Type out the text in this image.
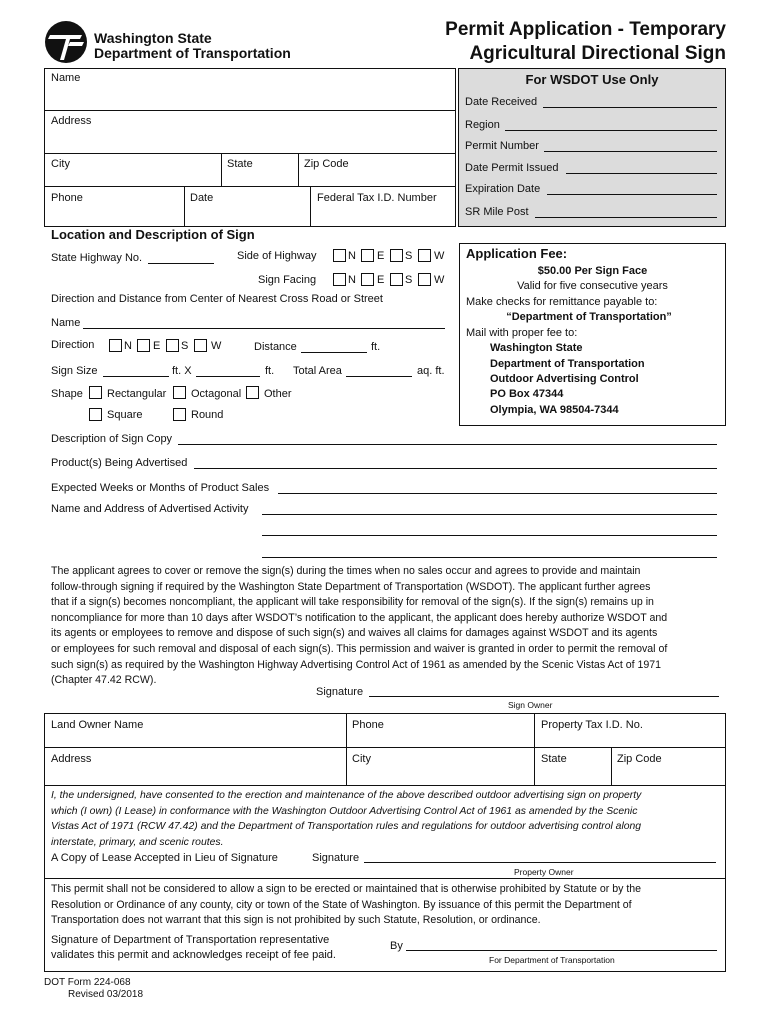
Washington State
Department of Transportation
Permit Application - Temporary
Agricultural Directional Sign
Name
Address
City	State	Zip Code
Phone	Date	Federal Tax I.D. Number
For WSDOT Use Only
Date Received
Region
Permit Number
Date Permit Issued
Expiration Date
SR Mile Post
Location and Description of Sign
State Highway No.	Side of Highway	N E S W
Sign Facing	N E S W
Direction and Distance from Center of Nearest Cross Road or Street
Name
Direction	N E S W	Distance	ft.
Sign Size	ft. X	ft. Total Area	aq. ft.
Shape Rectangular Octagonal Other
Square	Round
Application Fee:
$50.00 Per Sign Face
Valid for five consecutive years
Make checks for remittance payable to:
“Department of Transportation”
Mail with proper fee to:
Washington State
Department of Transportation
Outdoor Advertising Control
PO Box 47344
Olympia, WA 98504-7344
Description of Sign Copy
Product(s) Being Advertised
Expected Weeks or Months of Product Sales
Name and Address of Advertised Activity
The applicant agrees to cover or remove the sign(s) during the times when no sales occur and agrees to provide and maintain
follow-through signing if required by the Washington State Department of Transportation (WSDOT). The applicant further agrees
that if a sign(s) becomes noncompliant, the applicant will take responsibility for removal of the sign(s). If the sign(s) remains up in
noncompliance for more than 10 days after WSDOT’s notification to the applicant, the applicant does hereby authorize WSDOT and
its agents or employees to remove and dispose of such sign(s) and waives all claims for damages against WSDOT and its agents
or employees for such removal and disposal of each sign(s). This permission and waiver is granted in order to permit the removal of
such sign(s) as required by the Washington Highway Advertising Control Act of 1961 as amended by the Scenic Vistas Act of 1971
(Chapter 47.42 RCW).
Signature
Sign Owner
Land Owner Name	Phone	Property Tax I.D. No.
Address	City	State	Zip Code
I, the undersigned, have consented to the erection and maintenance of the above described outdoor advertising sign on property
which (I own) (I Lease) in conformance with the Washington Outdoor Advertising Control Act of 1961 as amended by the Scenic
Vistas Act of 1971 (RCW 47.42) and the Department of Transportation rules and regulations for outdoor advertising control along
interstate, primary, and scenic routes.
A Copy of Lease Accepted in Lieu of Signature	Signature
Property Owner
This permit shall not be considered to allow a sign to be erected or maintained that is otherwise prohibited by Statute or by the
Resolution or Ordinance of any county, city or town of the State of Washington. By issuance of this permit the Department of
Transportation does not warrant that this sign is not prohibited by such Statute, Resolution, or ordinance.
Signature of Department of Transportation representative
validates this permit and acknowledges receipt of fee paid.
By
For Department of Transportation
DOT Form 224-068
Revised 03/2018
